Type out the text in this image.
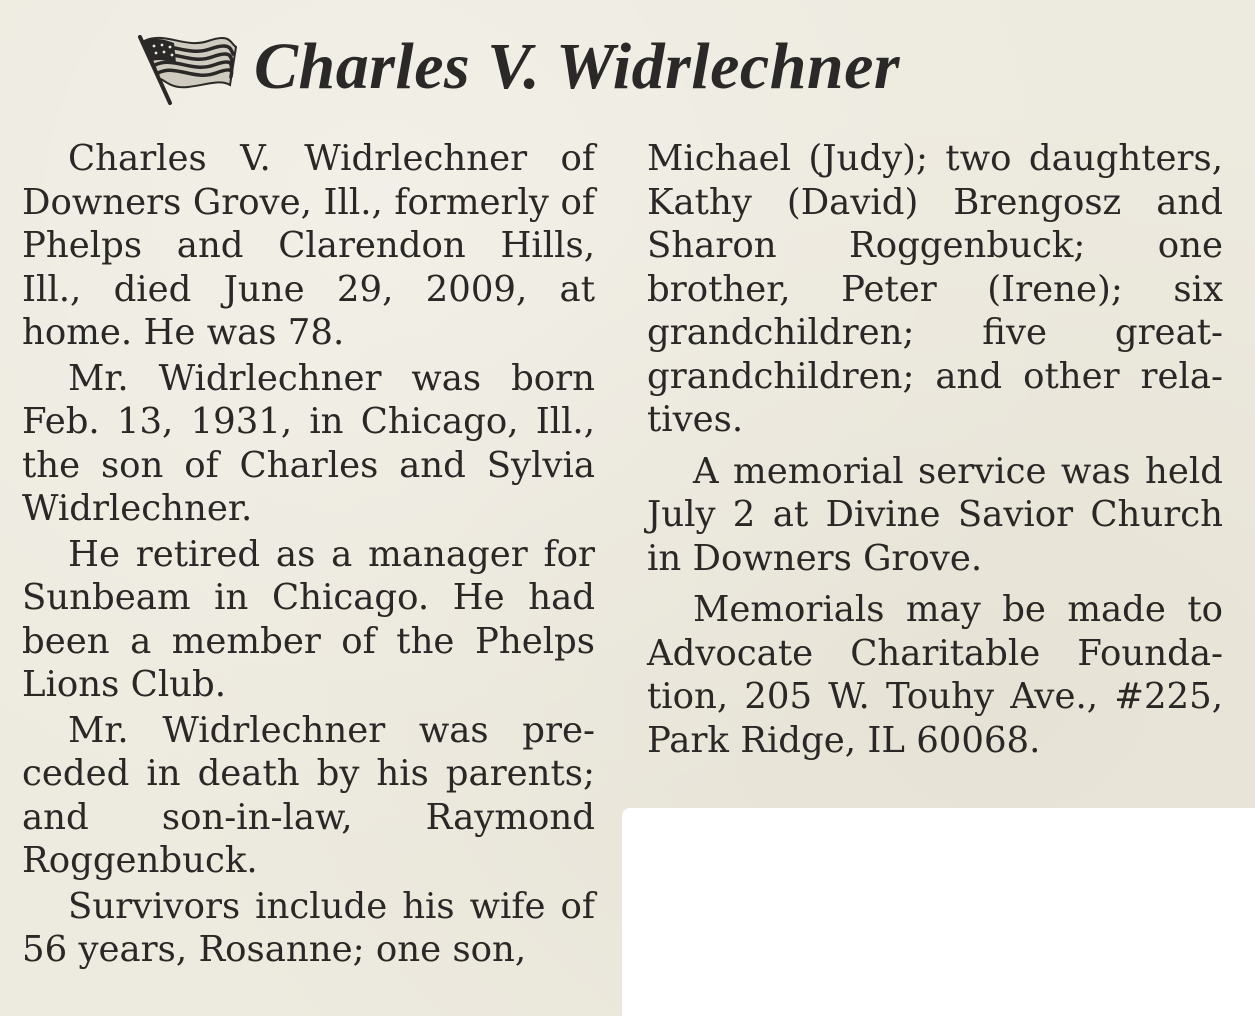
Charles V. Widrlechner

Charles V. Widrlechner of Downers Grove, Ill., formerly of Phelps and Clarendon Hills, Ill., died June 29, 2009, at home. He was 78.

Mr. Widrlechner was born Feb. 13, 1931, in Chicago, Ill., the son of Charles and Sylvia Widrlechner.

He retired as a manager for Sunbeam in Chicago. He had been a member of the Phelps Lions Club.

Mr. Widrlechner was preceded in death by his parents; and son-in-law, Raymond Roggenbuck.

Survivors include his wife of 56 years, Rosanne; one son,

Michael (Judy); two daughters, Kathy (David) Brengosz and Sharon Roggenbuck; one brother, Peter (Irene); six grandchildren; five great-grandchildren; and other relatives.

A memorial service was held July 2 at Divine Savior Church in Downers Grove.

Memorials may be made to Advocate Charitable Foundation, 205 W. Touhy Ave., #225, Park Ridge, IL 60068.
